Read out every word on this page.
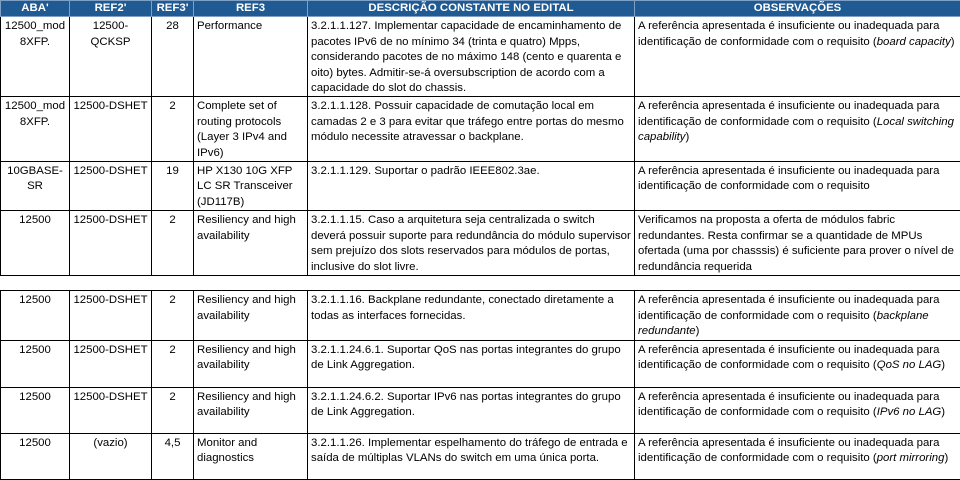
ABA'	REF2'	REF3'	REF3	DESCRIÇÃO CONSTANTE NO EDITAL	OBSERVAÇÕES
12500_mod 8XFP.	12500-QCKSP	28	Performance	3.2.1.1.127. Implementar capacidade de encaminhamento de pacotes IPv6 de no mínimo 34 (trinta e quatro) Mpps, considerando pacotes de no máximo 148 (cento e quarenta e oito) bytes. Admitir-se-á oversubscription de acordo com a capacidade do slot do chassis.	A referência apresentada é insuficiente ou inadequada para identificação de conformidade com o requisito (board capacity)
12500_mod 8XFP.	12500-DSHET	2	Complete set of routing protocols (Layer 3 IPv4 and IPv6)	3.2.1.1.128. Possuir capacidade de comutação local em camadas 2 e 3 para evitar que tráfego entre portas do mesmo módulo necessite atravessar o backplane.	A referência apresentada é insuficiente ou inadequada para identificação de conformidade com o requisito (Local switching capability)
10GBASE-SR	12500-DSHET	19	HP X130 10G XFP LC SR Transceiver (JD117B)	3.2.1.1.129. Suportar o padrão IEEE802.3ae.	A referência apresentada é insuficiente ou inadequada para identificação de conformidade com o requisito
12500	12500-DSHET	2	Resiliency and high availability	3.2.1.1.15. Caso a arquitetura seja centralizada o switch deverá possuir suporte para redundância do módulo supervisor sem prejuízo dos slots reservados para módulos de portas, inclusive do slot livre.	Verificamos na proposta a oferta de módulos fabric redundantes. Resta confirmar se a quantidade de MPUs ofertada (uma por chasssis) é suficiente para prover o nível de redundância requerida

12500	12500-DSHET	2	Resiliency and high availability	3.2.1.1.16. Backplane redundante, conectado diretamente a todas as interfaces fornecidas.	A referência apresentada é insuficiente ou inadequada para identificação de conformidade com o requisito (backplane redundante)
12500	12500-DSHET	2	Resiliency and high availability	3.2.1.1.24.6.1. Suportar QoS nas portas integrantes do grupo de Link Aggregation.	A referência apresentada é insuficiente ou inadequada para identificação de conformidade com o requisito (QoS no LAG)
12500	12500-DSHET	2	Resiliency and high availability	3.2.1.1.24.6.2. Suportar IPv6 nas portas integrantes do grupo de Link Aggregation.	A referência apresentada é insuficiente ou inadequada para identificação de conformidade com o requisito (IPv6 no LAG)
12500	(vazio)	4,5	Monitor and diagnostics	3.2.1.1.26. Implementar espelhamento do tráfego de entrada e saída de múltiplas VLANs do switch em uma única porta.	A referência apresentada é insuficiente ou inadequada para identificação de conformidade com o requisito (port mirroring)
